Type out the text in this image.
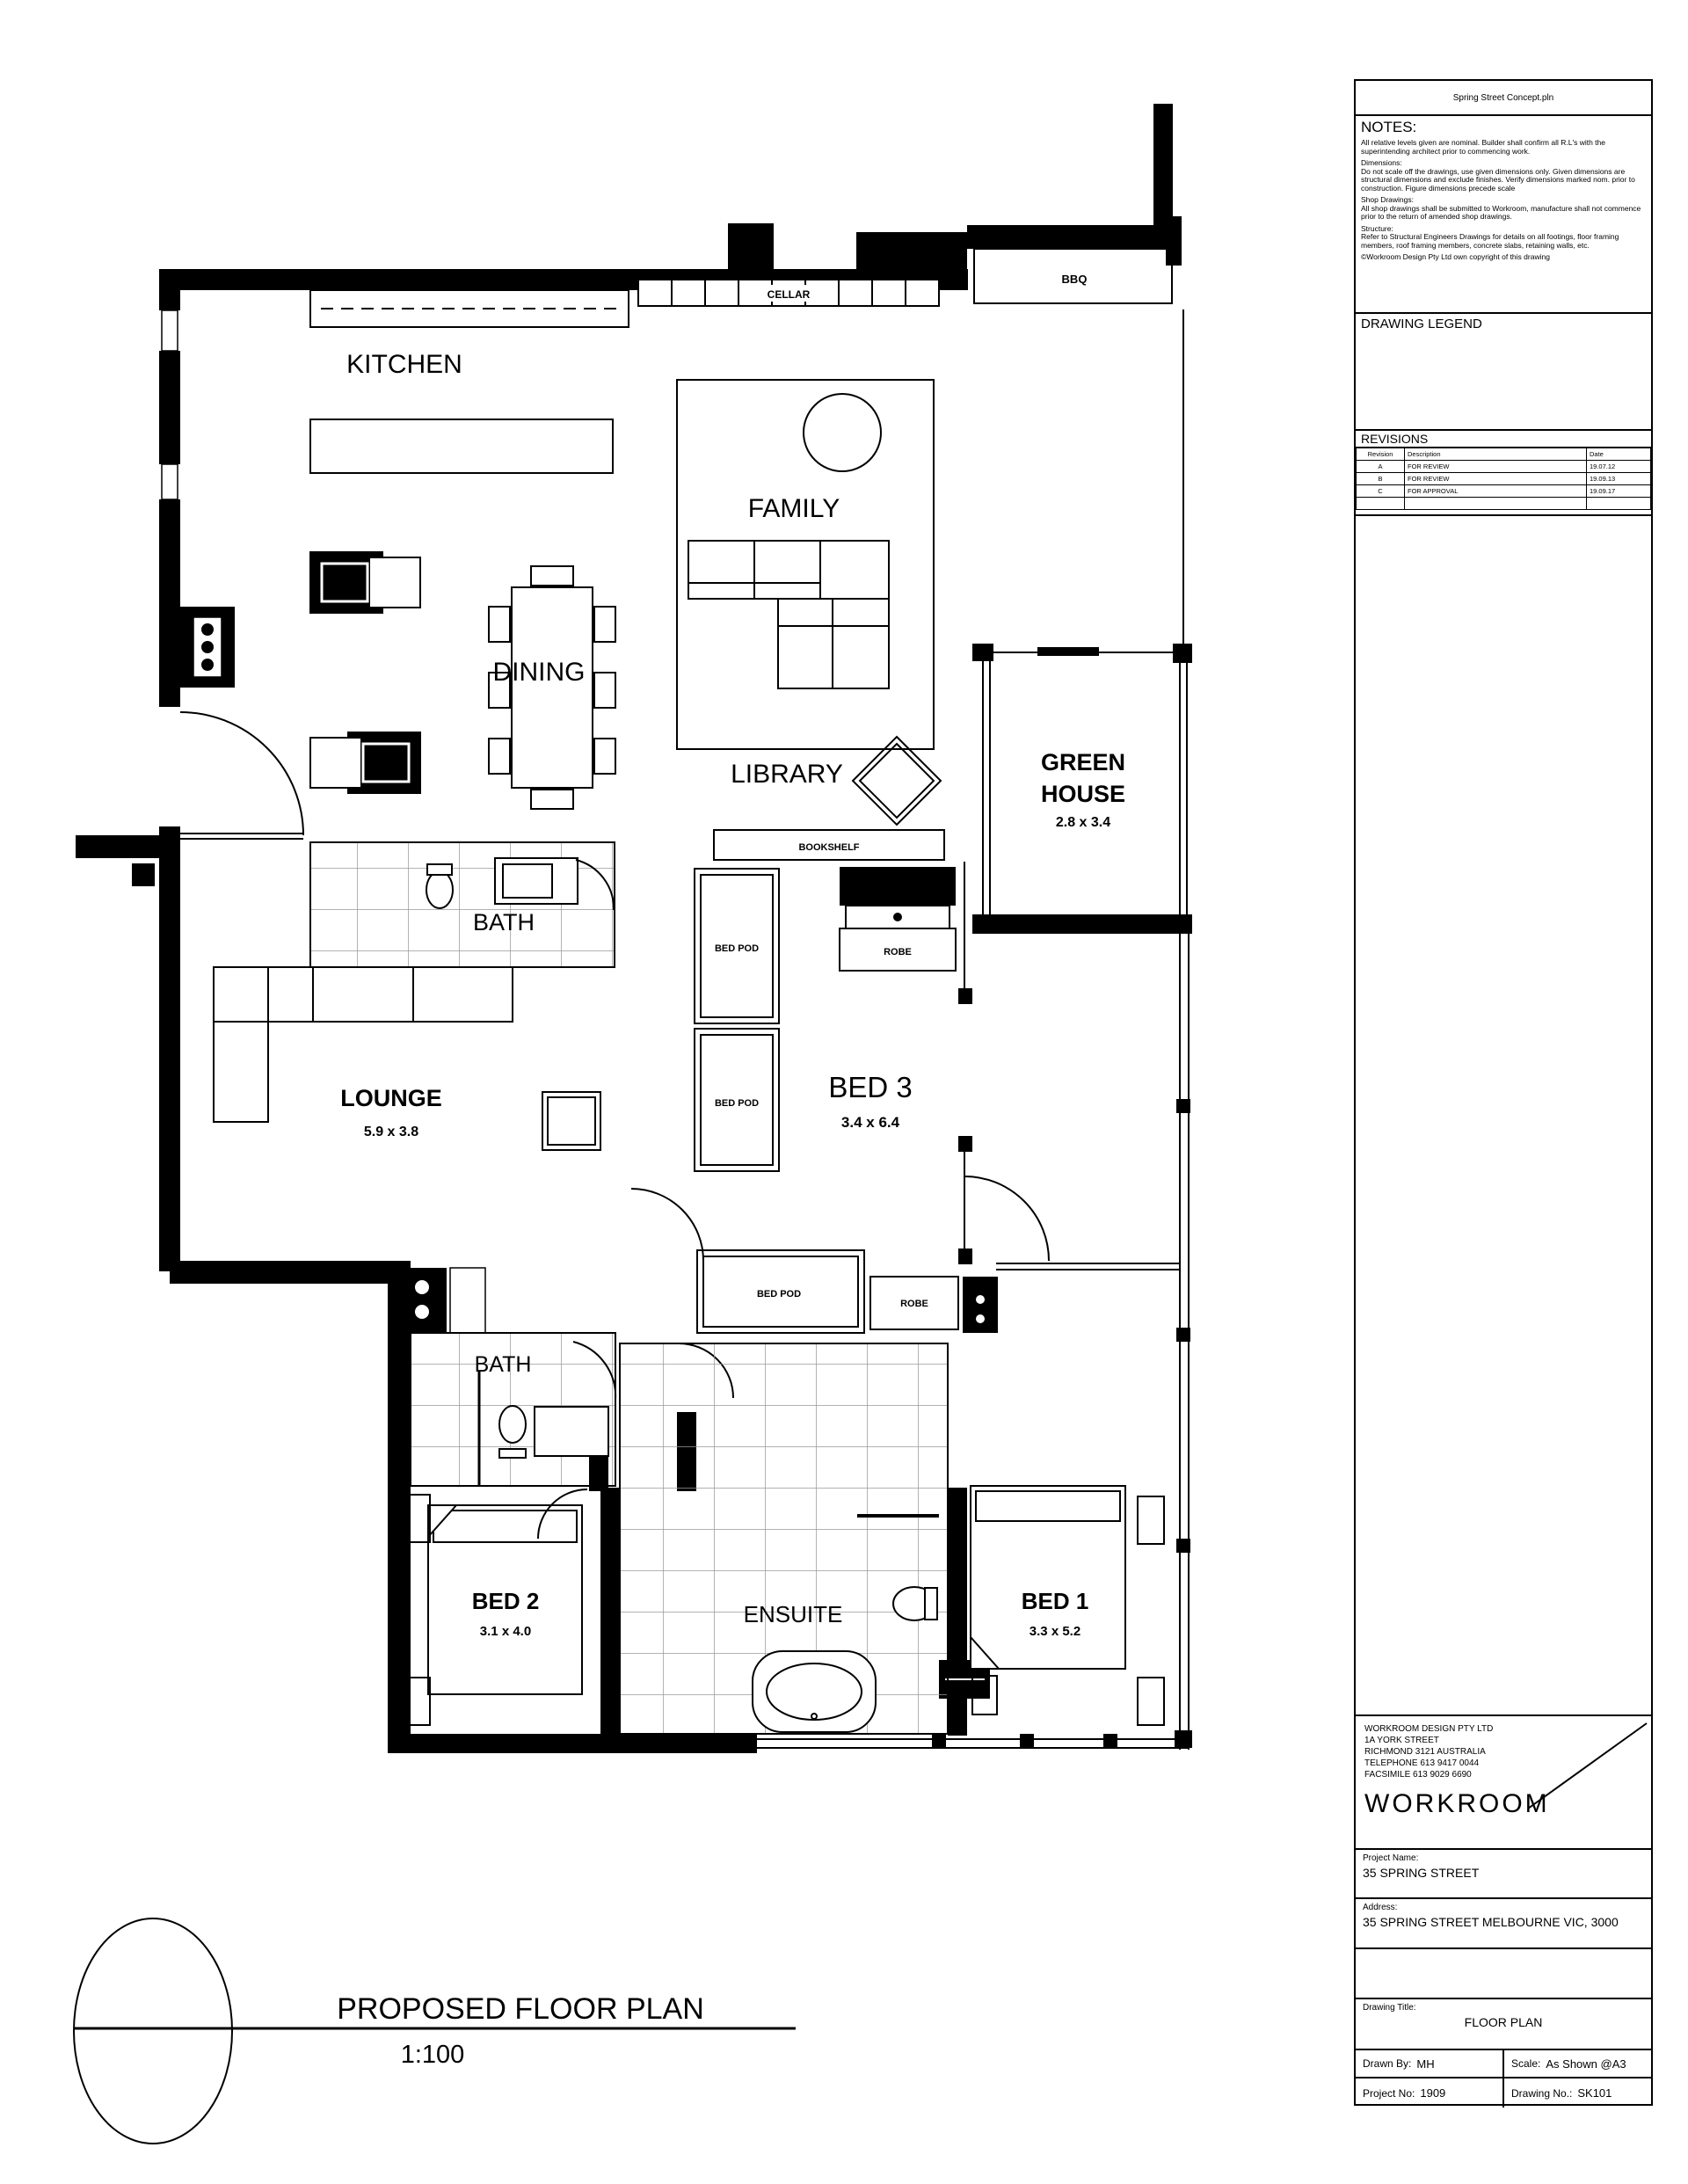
KITCHEN
FAMILY
DINING
LIBRARY	GREEN
HOUSE
2.8 x 3.4
BATH
LOUNGE
5.9 x 3.8
BED 3
3.4 x 6.4
BATH
BED 2
3.1 x 4.0
ENSUITE	BED 1
3.3 x 5.2
CELLAR
BBQ
BOOKSHELF
BED POD
BED POD
BED POD
ROBE
ROBE
PROPOSED FLOOR PLAN
1:100
Spring Street Concept.pln
NOTES:

All relative levels given are nominal. Builder shall confirm all R.L's with the superintending architect prior to commencing work.

Dimensions:

Do not scale off the drawings, use given dimensions only. Given dimensions are structural dimensions and exclude finishes. Verify dimensions marked nom. prior to construction. Figure dimensions precede scale

Shop Drawings:

All shop drawings shall be submitted to Workroom, manufacture shall not commence prior to the return of amended shop drawings.

Structure:

Refer to Structural Engineers Drawings for details on all footings, floor framing members, roof framing members, concrete slabs, retaining walls, etc.

©Workroom Design Pty Ltd own copyright of this drawing

DRAWING LEGEND
REVISIONS
Revision	Description	Date
A	FOR REVIEW	19.07.12
B	FOR REVIEW	19.09.13
C	FOR APPROVAL	19.09.17

WORKROOM DESIGN PTY LTD
1A YORK STREET
RICHMOND 3121 AUSTRALIA
TELEPHONE 613 9417 0044
FACSIMILE 613 9029 6690
WORKROOM
Project Name:
35 SPRING STREET
Address:
35 SPRING STREET MELBOURNE VIC, 3000
Drawing Title:
FLOOR PLAN
Drawn By: MH	Scale: As Shown @A3
Project No: 1909	Drawing No.: SK101
